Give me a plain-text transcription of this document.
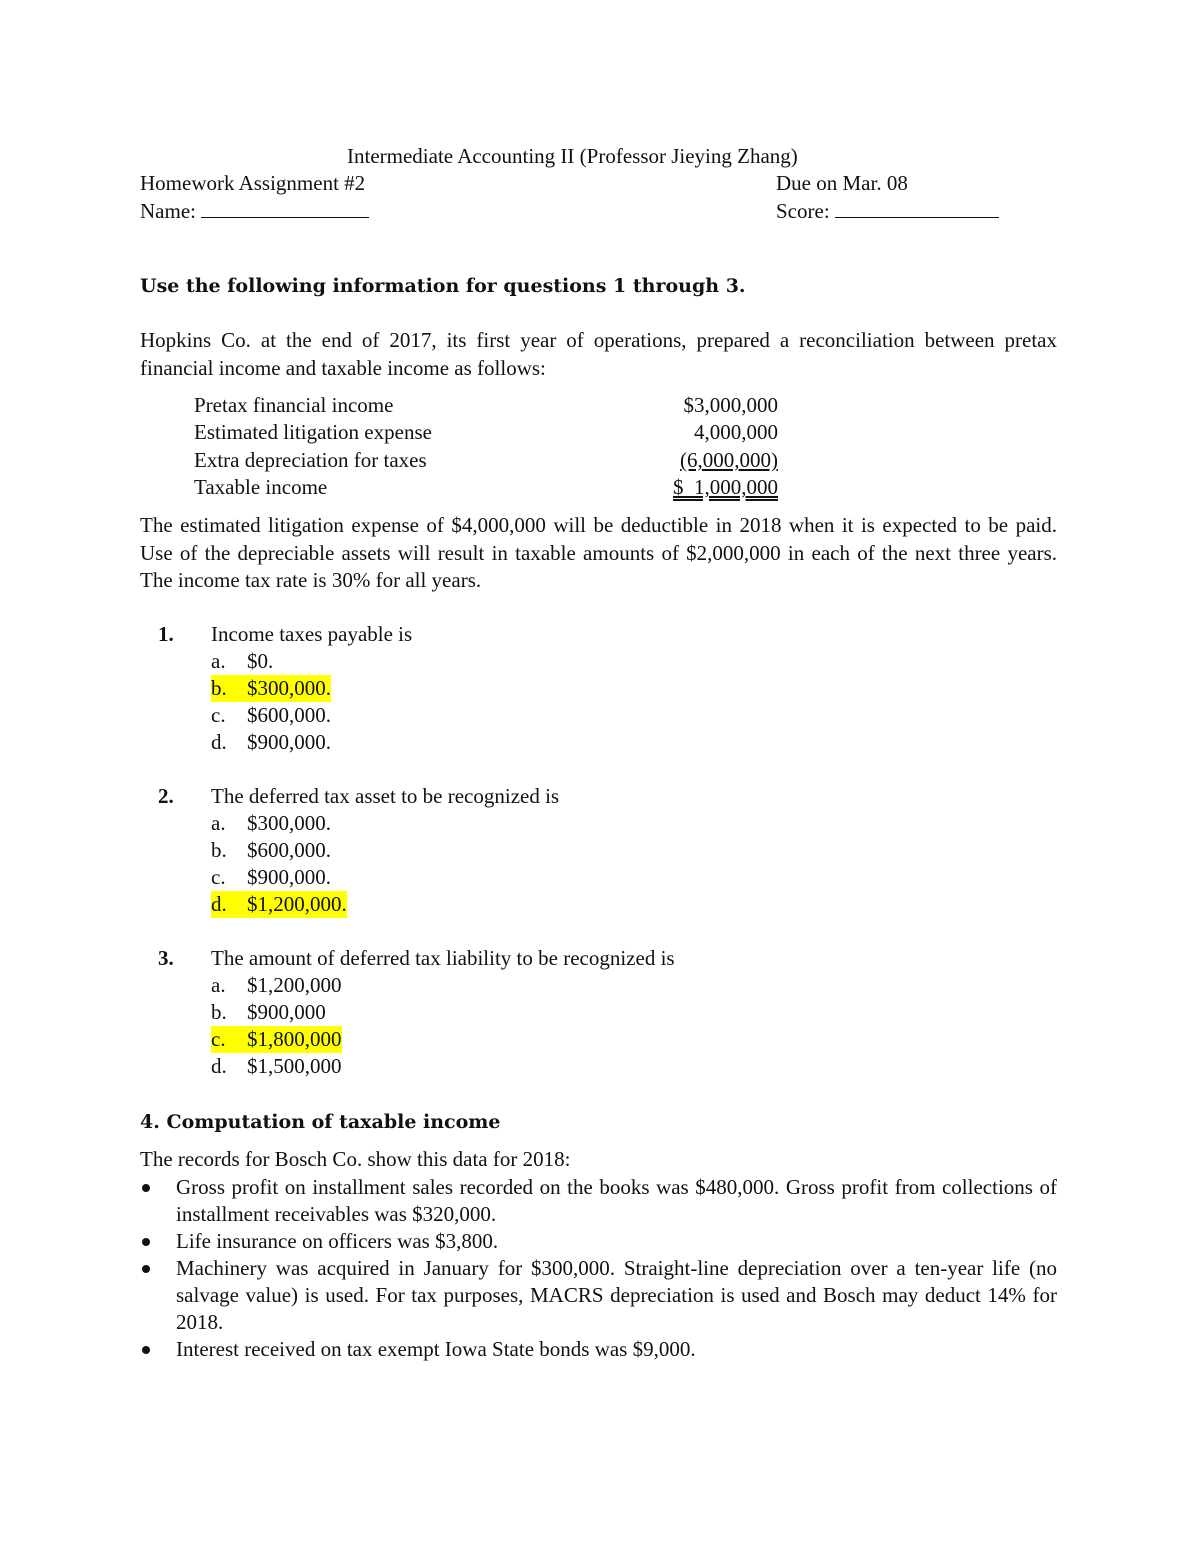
Intermediate Accounting II (Professor Jieying Zhang)
Homework Assignment #2	Due on Mar. 08
Name:	Score:
Use the following information for questions 1 through 3.
Hopkins Co. at the end of 2017, its first year of operations, prepared a reconciliation between pretax financial income and taxable income as follows:
Pretax financial income	$3,000,000
Estimated litigation expense	4,000,000
Extra depreciation for taxes	(6,000,000)
Taxable income	$  1,000,000
The estimated litigation expense of $4,000,000 will be deductible in 2018 when it is expected to be paid. Use of the depreciable assets will result in taxable amounts of $2,000,000 in each of the next three years. The income tax rate is 30% for all years.
1. Income taxes payable is
a. $0.
b. $300,000.
c. $600,000.
d. $900,000.
2. The deferred tax asset to be recognized is
a. $300,000.
b. $600,000.
c. $900,000.
d. $1,200,000.
3. The amount of deferred tax liability to be recognized is
a. $1,200,000
b. $900,000
c. $1,800,000
d. $1,500,000
4. Computation of taxable income
The records for Bosch Co. show this data for 2018:
Gross profit on installment sales recorded on the books was $480,000. Gross profit from collections of installment receivables was $320,000.
Life insurance on officers was $3,800.
Machinery was acquired in January for $300,000. Straight-line depreciation over a ten-year life (no salvage value) is used. For tax purposes, MACRS depreciation is used and Bosch may deduct 14% for 2018.
Interest received on tax exempt Iowa State bonds was $9,000.
